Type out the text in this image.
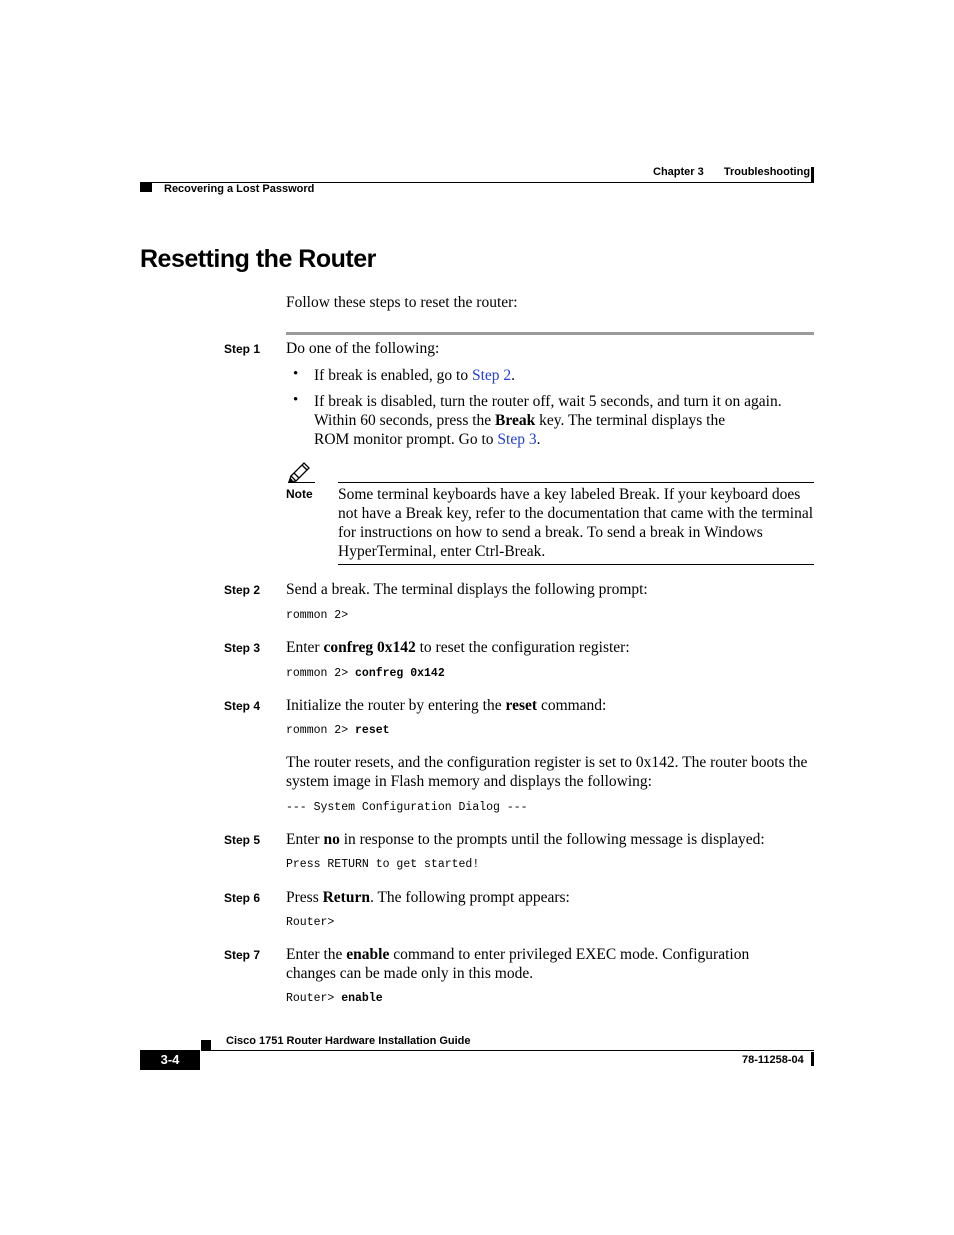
Chapter 3 Troubleshooting
Recovering a Lost Password
Resetting the Router
Follow these steps to reset the router:
Step 1 Do one of the following:
• If break is enabled, go to Step 2.
• If break is disabled, turn the router off, wait 5 seconds, and turn it on again.
Within 60 seconds, press the Break key. The terminal displays the
ROM monitor prompt. Go to Step 3.
Note Some terminal keyboards have a key labeled Break. If your keyboard does not have a Break key, refer to the documentation that came with the terminal for instructions on how to send a break. To send a break in Windows HyperTerminal, enter Ctrl-Break.
Step 2 Send a break. The terminal displays the following prompt:
rommon 2>
Step 3 Enter confreg 0x142 to reset the configuration register:
rommon 2> confreg 0x142
Step 4 Initialize the router by entering the reset command:
rommon 2> reset
The router resets, and the configuration register is set to 0x142. The router boots the system image in Flash memory and displays the following:
--- System Configuration Dialog ---
Step 5 Enter no in response to the prompts until the following message is displayed:
Press RETURN to get started!
Step 6 Press Return. The following prompt appears:
Router>
Step 7 Enter the enable command to enter privileged EXEC mode. Configuration changes can be made only in this mode.
Router> enable
Cisco 1751 Router Hardware Installation Guide
3-4	78-11258-04
